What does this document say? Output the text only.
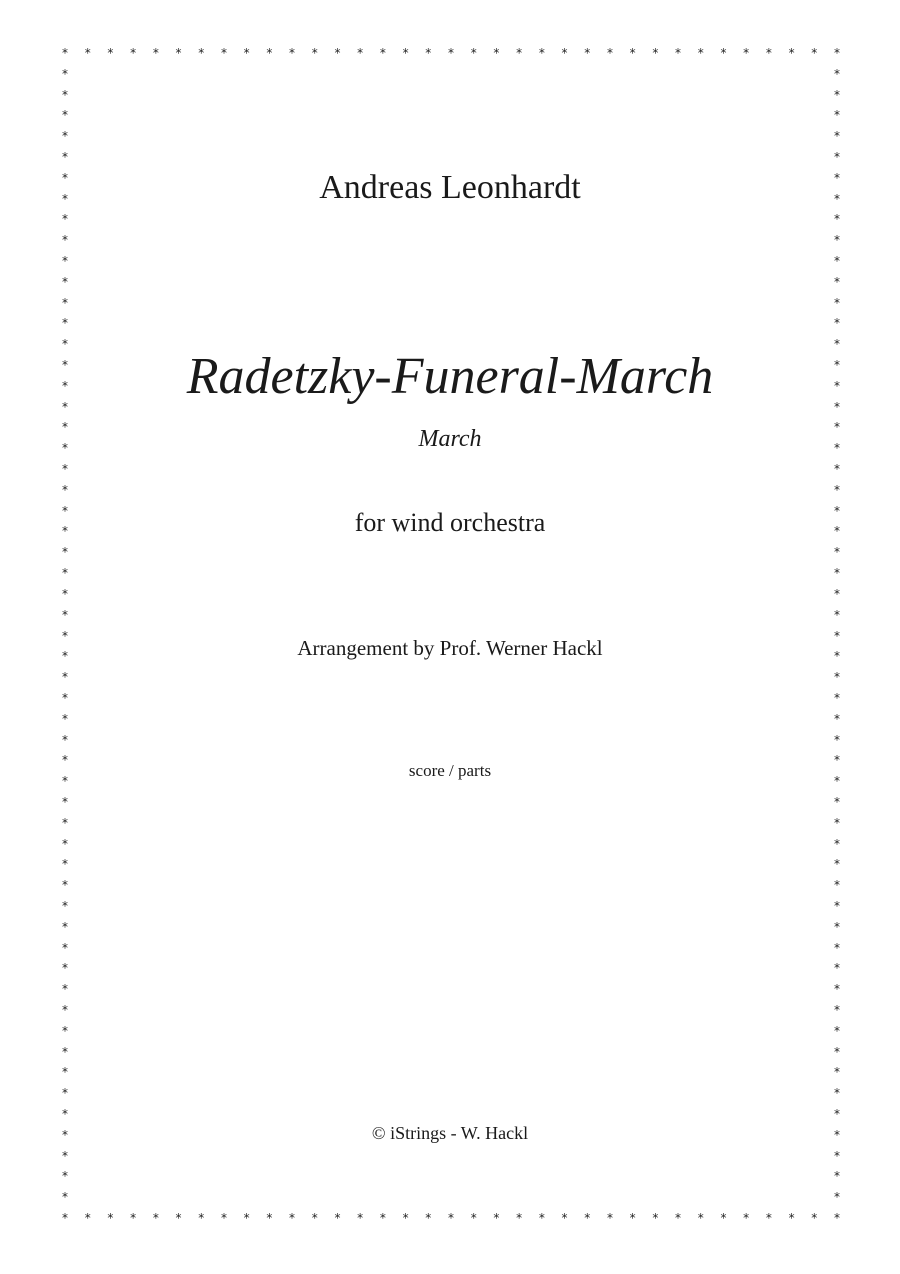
*
*
*
*
*
*
*
*
*
*
*
*
*
*
*
*
*
*
*
*
*
*
*
*
*
*
*
*
*
*
*
*
*
*
*
*
*
*
*
*
*
*
*
*
*
*
*
*
*
*
*
*
*
*
*
*
*
*
*
*
*
*
*
*
*
*
*
*
*
*
*	*
*	*
*	*
*	*
*	*
*	*
*	*
*	*
*	*
*	*
*	*
*	*
*	*
*	*
*	*
*	*
*	*
*	*
*	*
*	*
*	*
*	*
*	*
*	*
*	*
*	*
*	*
*	*
*	*
*	*
*	*
*	*
*	*
*	*
*	*
*	*
*	*
*	*
*	*
*	*
*	*
*	*
*	*
*	*
*	*
*	*
*	*
*	*
*	*
*	*
*	*
*	*
*	*
*	*
*	*
Andreas Leonhardt
Radetzky-Funeral-March
March
for wind orchestra
Arrangement by Prof. Werner Hackl
score / parts
© iStrings - W. Hackl
